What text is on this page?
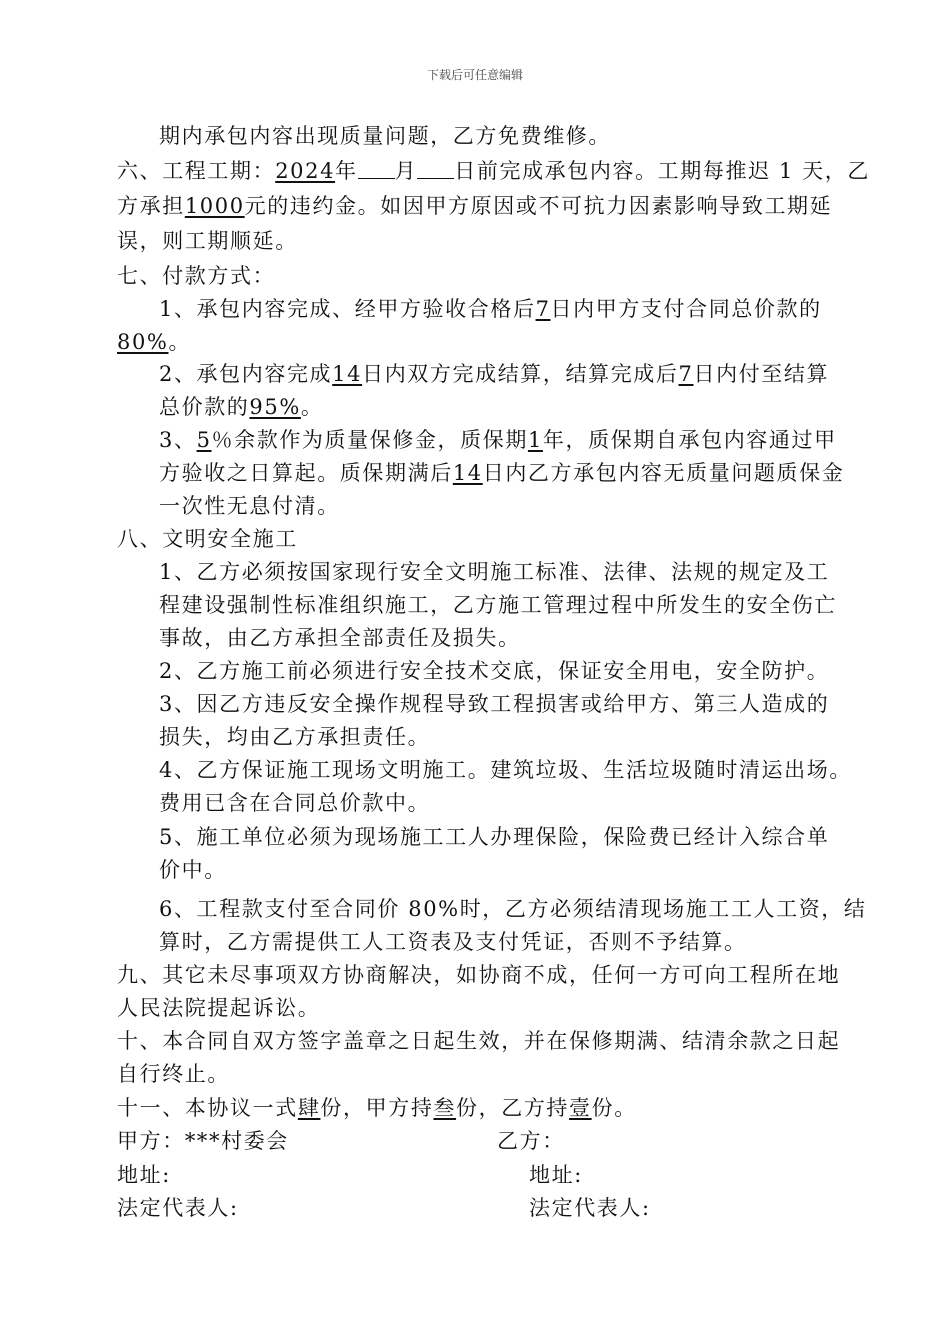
下载后可任意编辑
期内承包内容出现质量问题，乙方免费维修。
六、工程工期：2024年 月 日前完成承包内容。工期每推迟 1 天，乙
方承担1000元的违约金。如因甲方原因或不可抗力因素影响导致工期延
误，则工期顺延。
七、付款方式：
1、承包内容完成、经甲方验收合格后7日内甲方支付合同总价款的
80%。
2、承包内容完成14日内双方完成结算，结算完成后7日内付至结算
总价款的95%。
3、5％余款作为质量保修金，质保期1年，质保期自承包内容通过甲
方验收之日算起。质保期满后14日内乙方承包内容无质量问题质保金
一次性无息付清。
八、文明安全施工
1、乙方必须按国家现行安全文明施工标准、法律、法规的规定及工
程建设强制性标准组织施工，乙方施工管理过程中所发生的安全伤亡
事故，由乙方承担全部责任及损失。
2、乙方施工前必须进行安全技术交底，保证安全用电，安全防护。
3、因乙方违反安全操作规程导致工程损害或给甲方、第三人造成的
损失，均由乙方承担责任。
4、乙方保证施工现场文明施工。建筑垃圾、生活垃圾随时清运出场。
费用已含在合同总价款中。
5、施工单位必须为现场施工工人办理保险，保险费已经计入综合单
价中。
6、工程款支付至合同价 80%时，乙方必须结清现场施工工人工资，结
算时，乙方需提供工人工资表及支付凭证，否则不予结算。
九、其它未尽事项双方协商解决，如协商不成，任何一方可向工程所在地
人民法院提起诉讼。
十、本合同自双方签字盖章之日起生效，并在保修期满、结清余款之日起
自行终止。
十一、本协议一式肆份，甲方持叁份，乙方持壹份。
甲方：***村委会	乙方：
地址:	地址:
法定代表人:	法定代表人:
